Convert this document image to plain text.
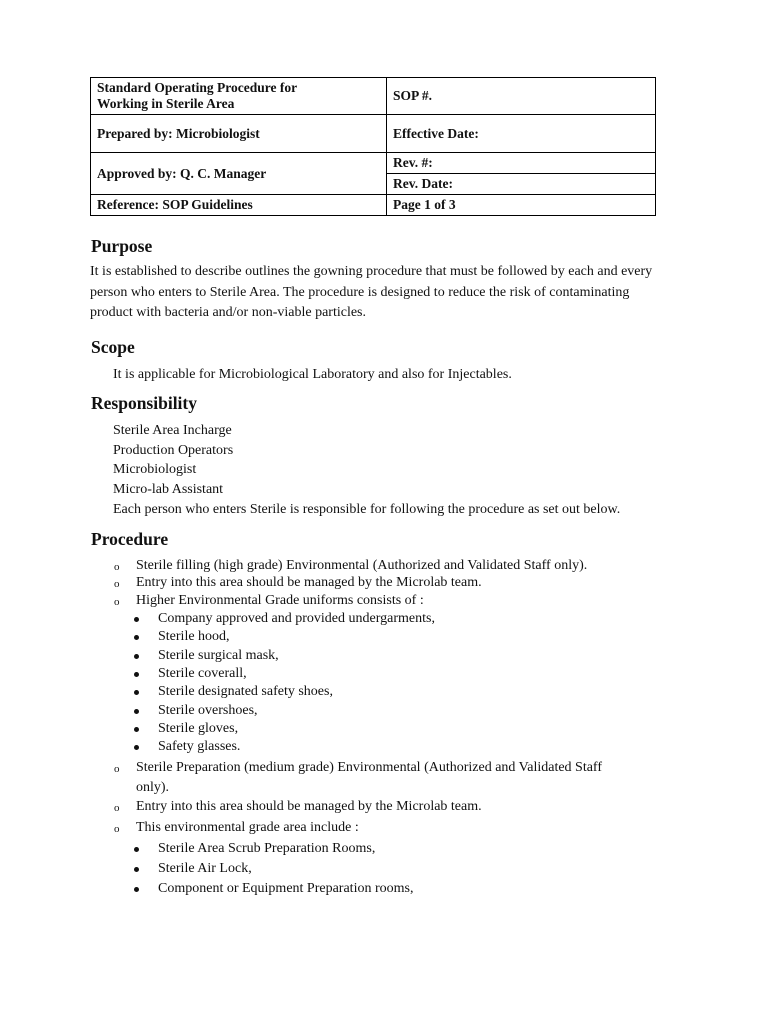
Standard Operating Procedure for
Working in Sterile Area	SOP #.
Prepared by: Microbiologist	Effective Date:
Approved by: Q. C. Manager	Rev. #:
	Rev. Date:
Reference: SOP Guidelines	Page 1 of 3
Purpose

It is established to describe outlines the gowning procedure that must be followed by each and every person who enters to Sterile Area. The procedure is designed to reduce the risk of contaminating product with bacteria and/or non-viable particles.

Scope
It is applicable for Microbiological Laboratory and also for Injectables.
Responsibility
Sterile Area Incharge
Production Operators
Microbiologist
Micro-lab Assistant
Each person who enters Sterile is responsible for following the procedure as set out below.
Procedure
o Sterile filling (high grade) Environmental (Authorized and Validated Staff only).
o Entry into this area should be managed by the Microlab team.
o Higher Environmental Grade uniforms consists of :
Company approved and provided undergarments,
Sterile hood,
Sterile surgical mask,
Sterile coverall,
Sterile designated safety shoes,
Sterile overshoes,
Sterile gloves,
Safety glasses.
o Sterile Preparation (medium grade) Environmental (Authorized and Validated Staff
only).
o Entry into this area should be managed by the Microlab team.
o This environmental grade area include :
Sterile Area Scrub Preparation Rooms,
Sterile Air Lock,
Component or Equipment Preparation rooms,
